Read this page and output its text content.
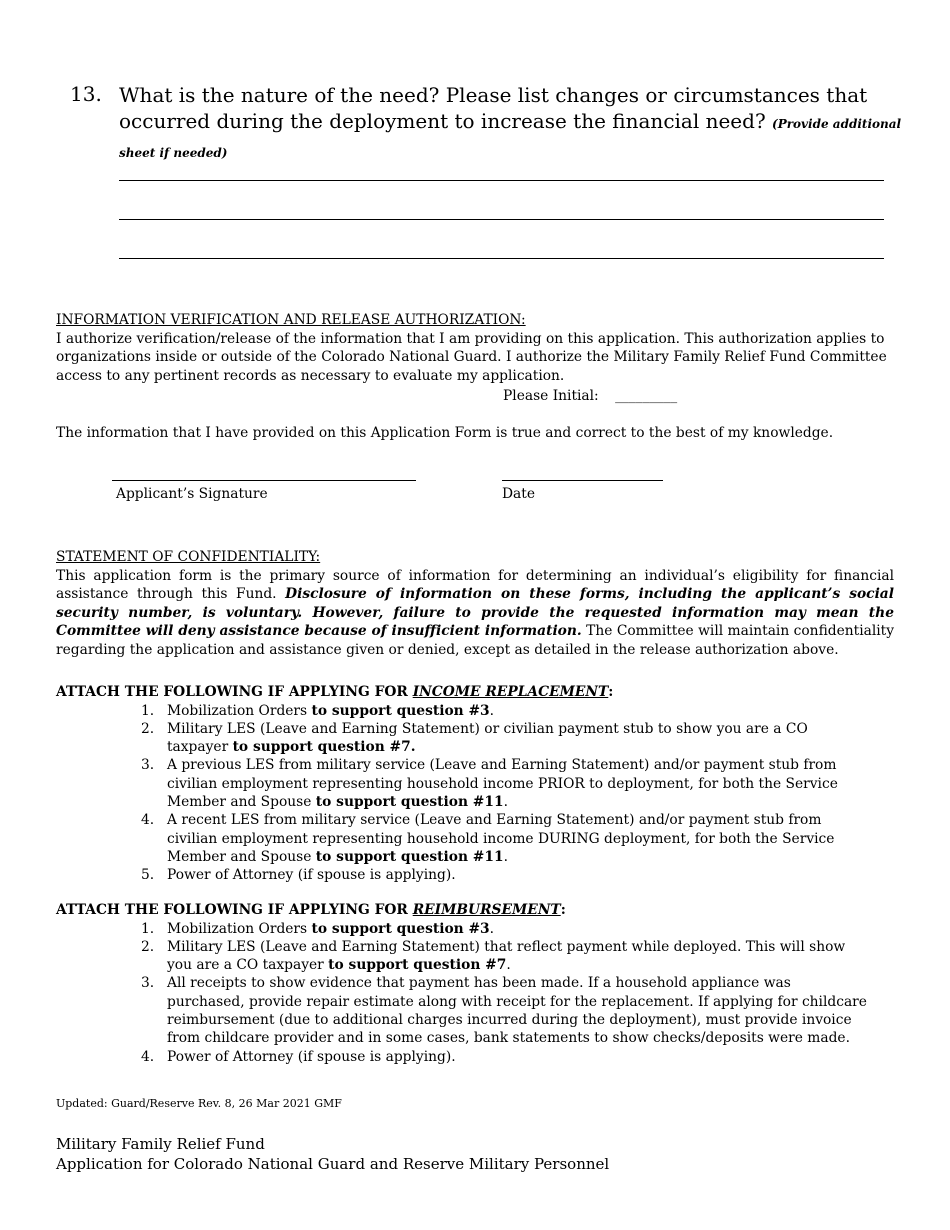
13. What is the nature of the need? Please list changes or circumstances that occurred during the deployment to increase the financial need? (Provide additional sheet if needed)
INFORMATION VERIFICATION AND RELEASE AUTHORIZATION:
I authorize verification/release of the information that I am providing on this application. This authorization applies to organizations inside or outside of the Colorado National Guard. I authorize the Military Family Relief Fund Committee access to any pertinent records as necessary to evaluate my application.
Please Initial: _________
The information that I have provided on this Application Form is true and correct to the best of my knowledge.
Applicant’s Signature	Date
STATEMENT OF CONFIDENTIALITY:
This application form is the primary source of information for determining an individual’s eligibility for financial assistance through this Fund. Disclosure of information on these forms, including the applicant’s social security number, is voluntary. However, failure to provide the requested information may mean the Committee will deny assistance because of insufficient information. The Committee will maintain confidentiality regarding the application and assistance given or denied, except as detailed in the release authorization above.
ATTACH THE FOLLOWING IF APPLYING FOR INCOME REPLACEMENT:
1. Mobilization Orders to support question #3.
2. Military LES (Leave and Earning Statement) or civilian payment stub to show you are a CO taxpayer to support question #7.
3. A previous LES from military service (Leave and Earning Statement) and/or payment stub from civilian employment representing household income PRIOR to deployment, for both the Service Member and Spouse to support question #11.
4. A recent LES from military service (Leave and Earning Statement) and/or payment stub from civilian employment representing household income DURING deployment, for both the Service Member and Spouse to support question #11.
5. Power of Attorney (if spouse is applying).
ATTACH THE FOLLOWING IF APPLYING FOR REIMBURSEMENT:
1. Mobilization Orders to support question #3.
2. Military LES (Leave and Earning Statement) that reflect payment while deployed. This will show you are a CO taxpayer to support question #7.
3. All receipts to show evidence that payment has been made. If a household appliance was purchased, provide repair estimate along with receipt for the replacement. If applying for childcare reimbursement (due to additional charges incurred during the deployment), must provide invoice from childcare provider and in some cases, bank statements to show checks/deposits were made.
4. Power of Attorney (if spouse is applying).
Updated: Guard/Reserve Rev. 8, 26 Mar 2021 GMF
Military Family Relief Fund
Application for Colorado National Guard and Reserve Military Personnel
